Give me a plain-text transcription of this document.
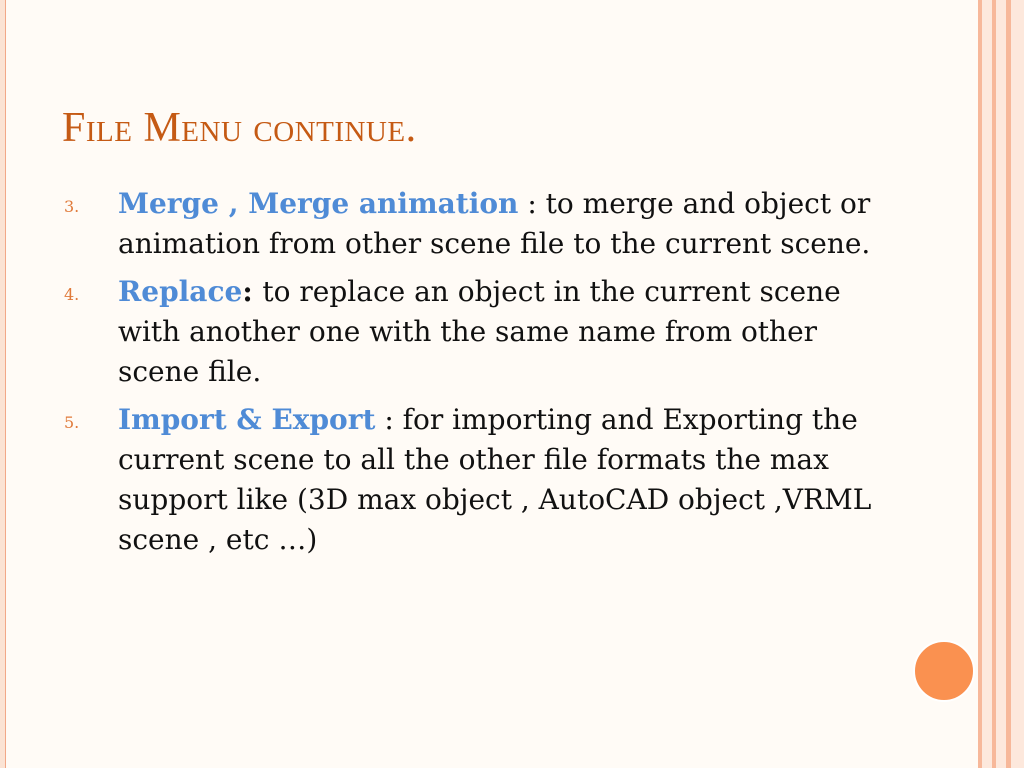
File Menu continue.
3. Merge , Merge animation : to merge and object or animation from other scene file to the current scene.
4. Replace: to replace an object in the current scene with another one with the same name from other scene file.
5. Import & Export : for importing and Exporting the current scene to all the other file formats the max support like (3D max object , AutoCAD object ,VRML scene , etc …)
